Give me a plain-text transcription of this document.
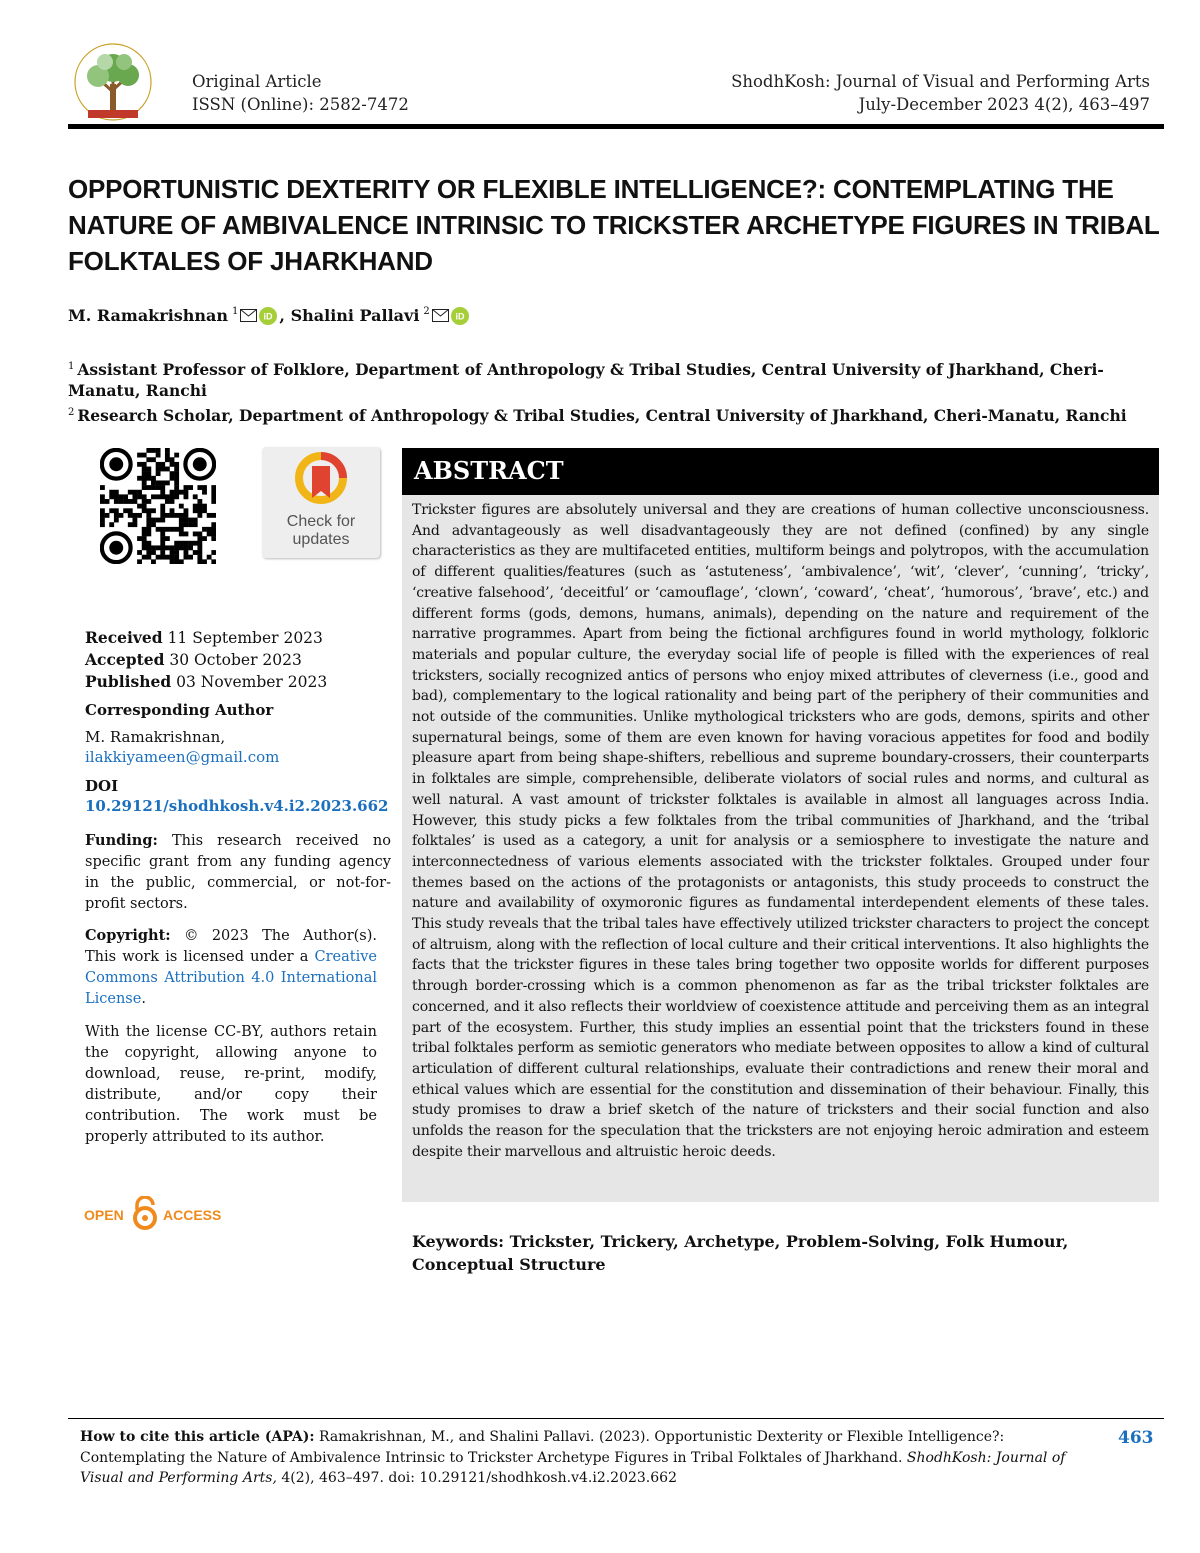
Original Article
ISSN (Online): 2582-7472
ShodhKosh: Journal of Visual and Performing Arts
July-December 2023 4(2), 463–497
OPPORTUNISTIC DEXTERITY OR FLEXIBLE INTELLIGENCE?: CONTEMPLATING THE NATURE OF AMBIVALENCE INTRINSIC TO TRICKSTER ARCHETYPE FIGURES IN TRIBAL FOLKTALES OF JHARKHAND
M. Ramakrishnan $^1$	iD , Shalini Pallavi $^2$	iD
$^1$ Assistant Professor of Folklore, Department of Anthropology & Tribal Studies, Central University of Jharkhand, Cheri-Manatu, Ranchi
$^2$ Research Scholar, Department of Anthropology & Tribal Studies, Central University of Jharkhand, Cheri-Manatu, Ranchi
Check for
updates
Received 11 September 2023
Accepted 30 October 2023
Published 03 November 2023
Corresponding Author
M. Ramakrishnan,
ilakkiyameen@gmail.com
DOI
10.29121/shodhkosh.v4.i2.2023.662
Funding: This research received no specific grant from any funding agency in the public, commercial, or not-for-profit sectors.
Copyright: © 2023 The Author(s). This work is licensed under a Creative Commons Attribution 4.0 International License.
With the license CC-BY, authors retain the copyright, allowing anyone to download, reuse, re-print, modify, distribute, and/or copy their contribution. The work must be properly attributed to its author.
OPEN	ACCESS
ABSTRACT

Trickster figures are absolutely universal and they are creations of human collective unconsciousness. And advantageously as well disadvantageously they are not defined (confined) by any single characteristics as they are multifaceted entities, multiform beings and polytropos, with the accumulation of different qualities/features (such as ‘astuteness’, ‘ambivalence’, ‘wit’, ‘clever’, ‘cunning’, ‘tricky’, ‘creative falsehood’, ‘deceitful’ or ‘camouflage’, ‘clown’, ‘coward’, ‘cheat’, ‘humorous’, ‘brave’, etc.) and different forms (gods, demons, humans, animals), depending on the nature and requirement of the narrative programmes. Apart from being the fictional archfigures found in world mythology, folkloric materials and popular culture, the everyday social life of people is filled with the experiences of real tricksters, socially recognized antics of persons who enjoy mixed attributes of cleverness (i.e., good and bad), complementary to the logical rationality and being part of the periphery of their communities and not outside of the communities. Unlike mythological tricksters who are gods, demons, spirits and other supernatural beings, some of them are even known for having voracious appetites for food and bodily pleasure apart from being shape-shifters, rebellious and supreme boundary-crossers, their counterparts in folktales are simple, comprehensible, deliberate violators of social rules and norms, and cultural as well natural. A vast amount of trickster folktales is available in almost all languages across India. However, this study picks a few folktales from the tribal communities of Jharkhand, and the ‘tribal folktales’ is used as a category, a unit for analysis or a semiosphere to investigate the nature and interconnectedness of various elements associated with the trickster folktales. Grouped under four themes based on the actions of the protagonists or antagonists, this study proceeds to construct the nature and availability of oxymoronic figures as fundamental interdependent elements of these tales. This study reveals that the tribal tales have effectively utilized trickster characters to project the concept of altruism, along with the reflection of local culture and their critical interventions. It also highlights the facts that the trickster figures in these tales bring together two opposite worlds for different purposes through border-crossing which is a common phenomenon as far as the tribal trickster folktales are concerned, and it also reflects their worldview of coexistence attitude and perceiving them as an integral part of the ecosystem. Further, this study implies an essential point that the tricksters found in these tribal folktales perform as semiotic generators who mediate between opposites to allow a kind of cultural articulation of different cultural relationships, evaluate their contradictions and renew their moral and ethical values which are essential for the constitution and dissemination of their behaviour. Finally, this study promises to draw a brief sketch of the nature of tricksters and their social function and also unfolds the reason for the speculation that the tricksters are not enjoying heroic admiration and esteem despite their marvellous and altruistic heroic deeds.

Keywords: Trickster, Trickery, Archetype, Problem-Solving, Folk Humour, Conceptual Structure
How to cite this article (APA): Ramakrishnan, M., and Shalini Pallavi. (2023). Opportunistic Dexterity or Flexible Intelligence?: Contemplating the Nature of Ambivalence Intrinsic to Trickster Archetype Figures in Tribal Folktales of Jharkhand. ShodhKosh: Journal of Visual and Performing Arts, 4(2), 463–497. doi: 10.29121/shodhkosh.v4.i2.2023.662
463
